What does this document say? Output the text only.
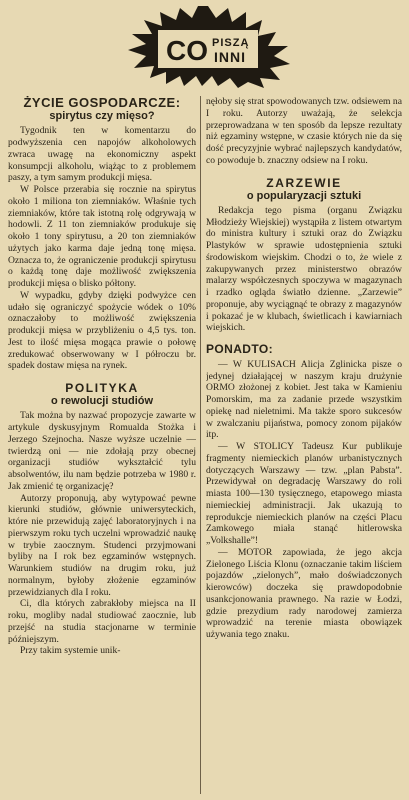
CO PISZĄ
INNI
ŻYCIE GOSPODARCZE:
spirytus czy mięso?

Tygodnik ten w komentarzu do podwyższenia cen napojów alkoholowych zwraca uwagę na ekonomiczny aspekt konsumpcji alkoholu, wiążąc to z problemem paszy, a tym samym produkcji mięsa.

W Polsce przerabia się rocznie na spirytus około 1 miliona ton ziemniaków. Właśnie tych ziemniaków, które tak istotną rolę odgrywają w hodowli. Z 11 ton ziemniaków produkuje się około 1 tony spirytusu, a 20 ton ziemniaków użytych jako karma daje jedną tonę mięsa. Oznacza to, że ograniczenie produkcji spirytusu o każdą tonę daje możliwość zwiększenia produkcji mięsa o blisko półtony.

W wypadku, gdyby dzięki podwyżce cen udało się ograniczyć spożycie wódek o 10% oznaczałoby to możliwość zwiększenia produkcji mięsa w przybliżeniu o 4,5 tys. ton. Jest to ilość mięsa mogąca prawie o połowę zredukować obserwowany w I półroczu br. spadek dostaw mięsa na rynek.

POLITYKA
o rewolucji studiów

Tak można by nazwać propozycje zawarte w artykule dyskusyjnym Romualda Stożka i Jerzego Szejnocha. Nasze wyższe uczelnie — twierdzą oni — nie zdołają przy obecnej organizacji studiów wykształcić tylu absolwentów, ilu nam będzie potrzeba w 1980 r. Jak zmienić tę organizację?

Autorzy proponują, aby wytypować pewne kierunki studiów, głównie uniwersyteckich, które nie przewidują zajęć laboratoryjnych i na pierwszym roku tych uczelni wprowadzić naukę w trybie zaocznym. Studenci przyjmowani byliby na I rok bez egzaminów wstępnych. Warunkiem studiów na drugim roku, już normalnym, byłoby złożenie egzaminów przewidzianych dla I roku.

Ci, dla których zabrakłoby miejsca na II roku, mogliby nadal studiować zaocznie, lub przejść na studia stacjonarne w terminie późniejszym.

Przy takim systemie unik-

nęłoby się strat spowodowanych tzw. odsiewem na I roku. Autorzy uważają, że selekcja przeprowadzana w ten sposób da lepsze rezultaty niż egzaminy wstępne, w czasie których nie da się dość precyzyjnie wybrać najlepszych kandydatów, co powoduje b. znaczny odsiew na I roku.

ZARZEWIE
o popularyzacji sztuki

Redakcja tego pisma (organu Związku Młodzieży Wiejskiej) wystąpiła z listem otwartym do ministra kultury i sztuki oraz do Związku Plastyków w sprawie udostępnienia sztuki środowiskom wiejskim. Chodzi o to, że wiele z zakupywanych przez ministerstwo obrazów malarzy współczesnych spoczywa w magazynach i rzadko ogląda światło dzienne. „Zarzewie” proponuje, aby wyciągnąć te obrazy z magazynów i pokazać je w klubach, świetlicach i kawiarniach wiejskich.

PONADTO:

— W KULISACH Alicja Zglinicka pisze o jedynej działającej w naszym kraju drużynie ORMO złożonej z kobiet. Jest taka w Kamieniu Pomorskim, ma za zadanie przede wszystkim opiekę nad nieletnimi. Ma także sporo sukcesów w zwalczaniu pijaństwa, pomocy zonom pijaków itp.

— W STOLICY Tadeusz Kur publikuje fragmenty niemieckich planów urbanistycznych dotyczących Warszawy — tzw. „plan Pabsta”. Przewidywał on degradację Warszawy do roli miasta 100—130 tysięcznego, etapowego miasta niemieckiej administracji. Jak ukazują to reprodukcje niemieckich planów na części Placu Zamkowego miała stanąć hitlerowska „Volkshalle”!

— MOTOR zapowiada, że jego akcja Zielonego Liścia Klonu (oznaczanie takim liściem pojazdów „zielonych”, mało doświadczonych kierowców) doczeka się prawdopodobnie usankcjonowania prawnego. Na razie w Łodzi, gdzie prezydium rady narodowej zamierza wprowadzić na terenie miasta obowiązek używania tego znaku.
